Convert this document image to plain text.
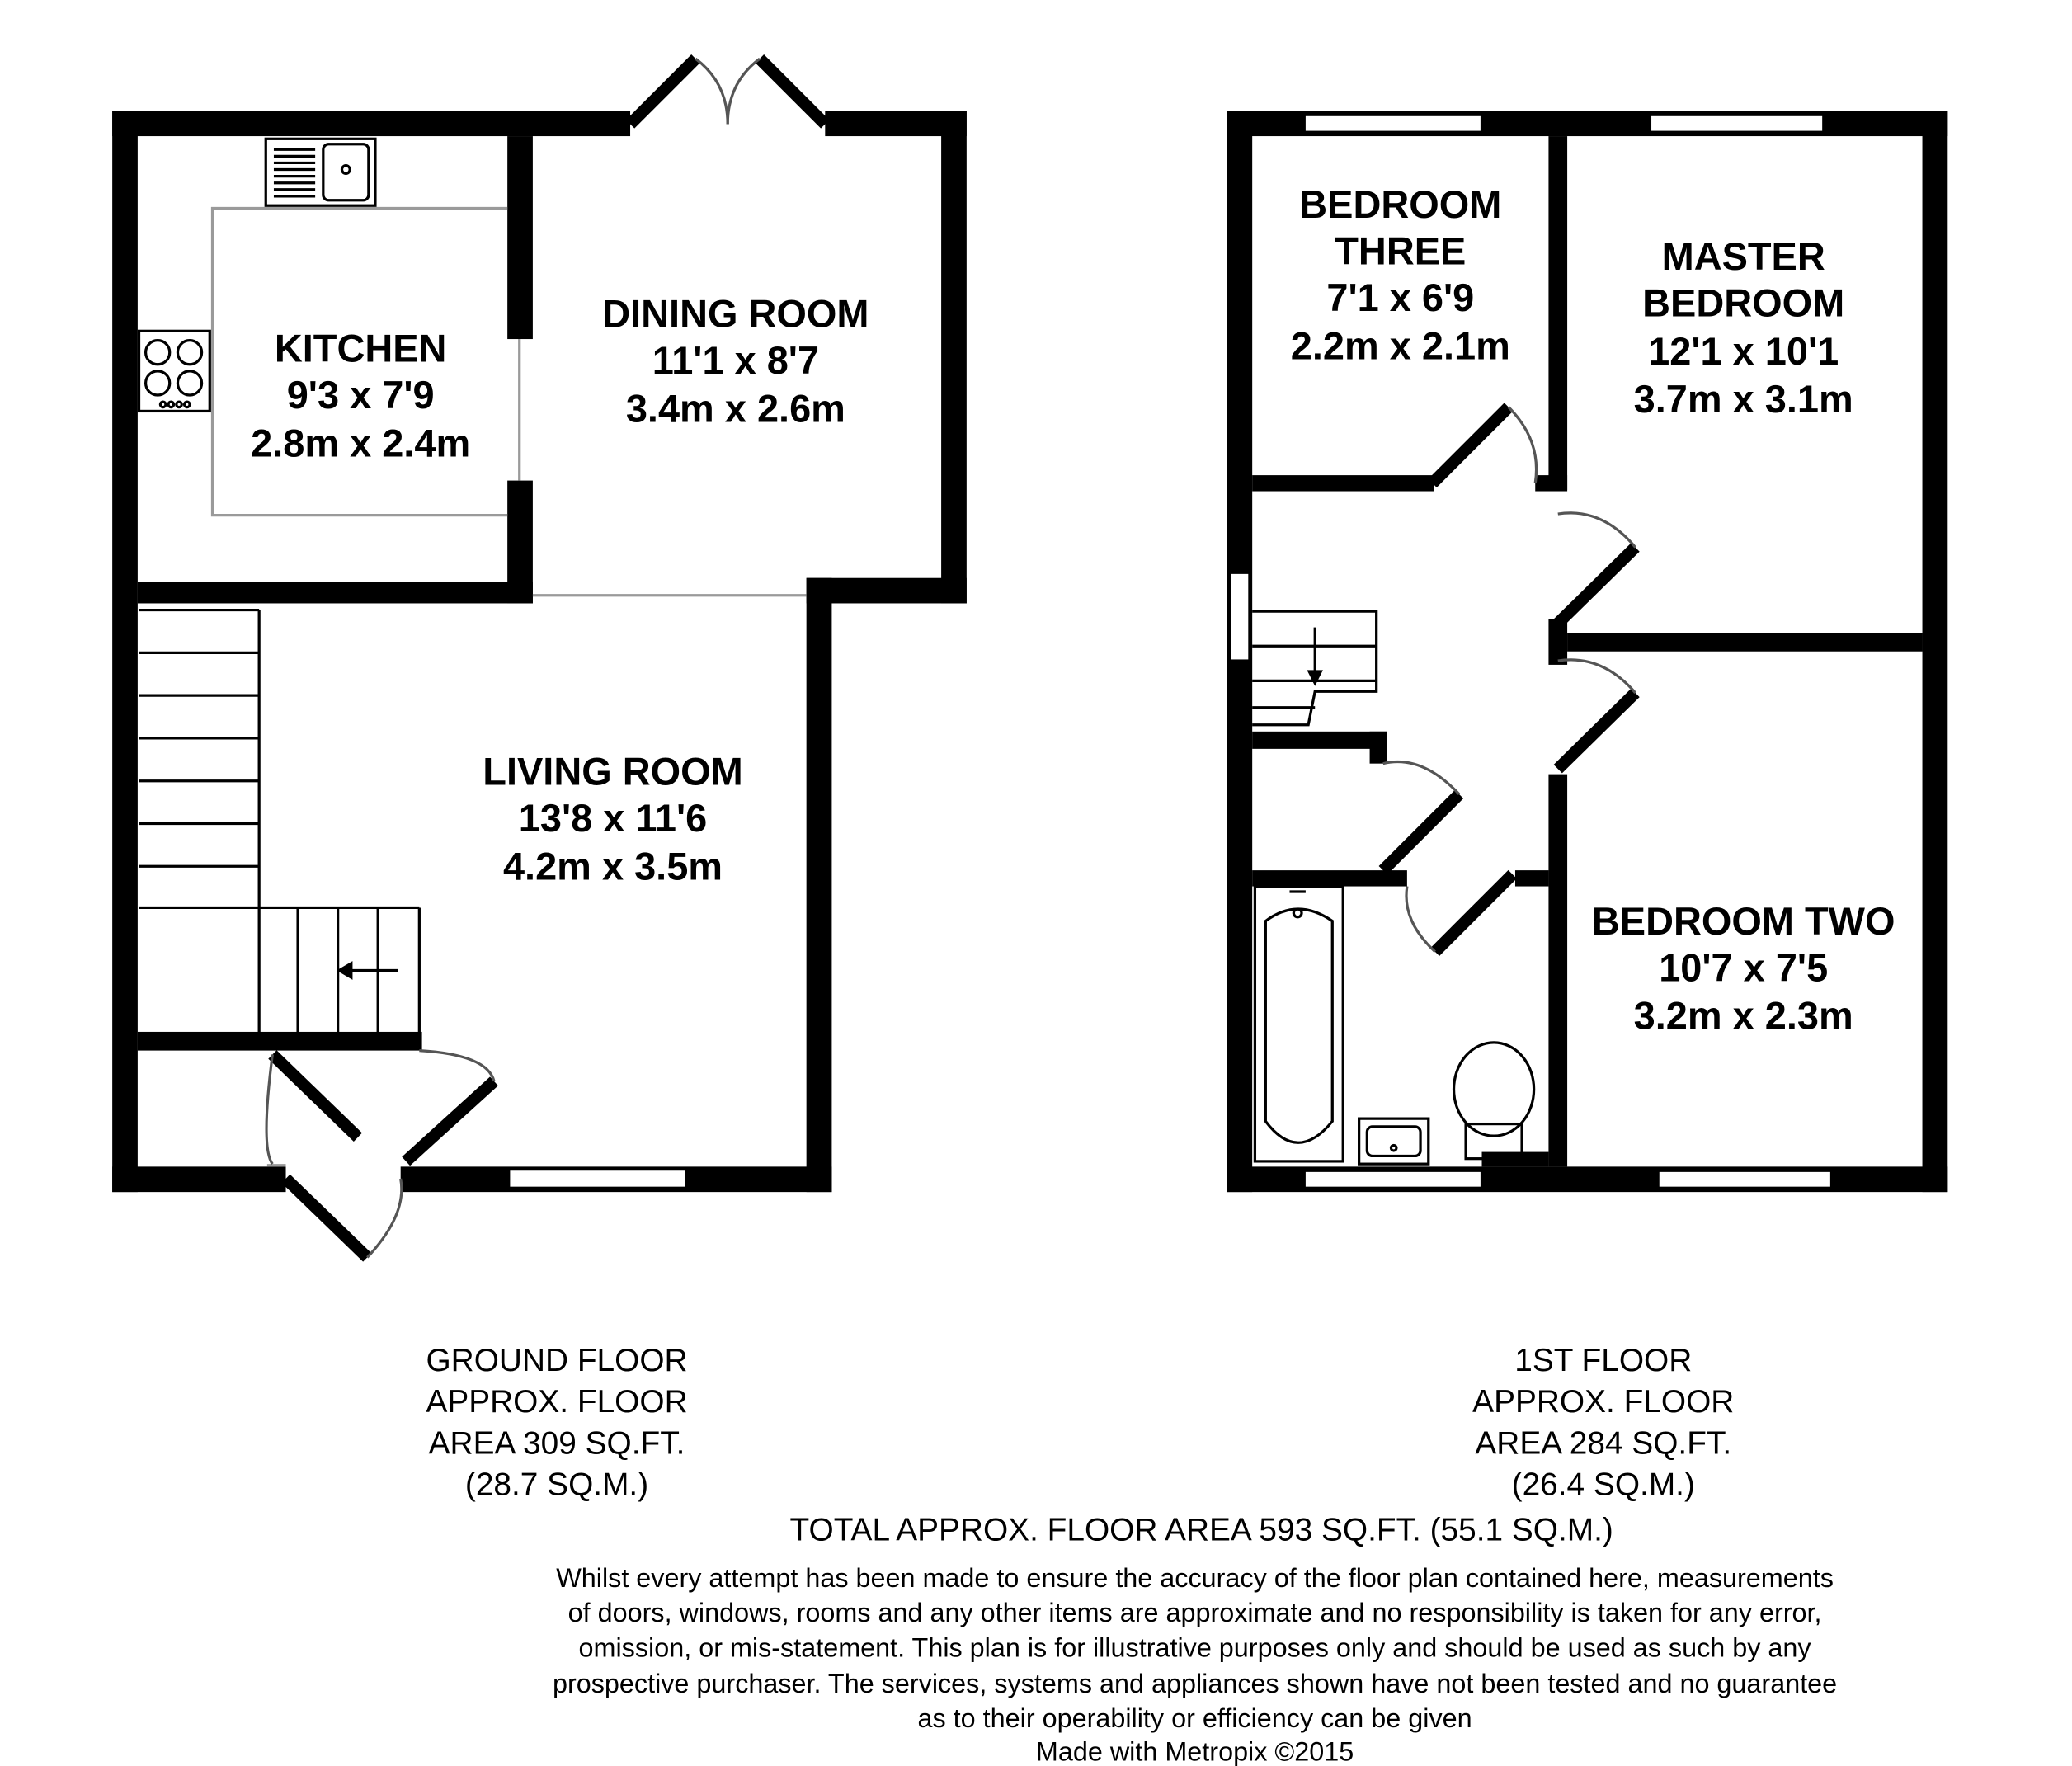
KITCHEN
9'3 x 7'9
2.8m x 2.4m
DINING ROOM
11'1 x 8'7
3.4m x 2.6m
LIVING ROOM
13'8 x 11'6
4.2m x 3.5m
BEDROOM
THREE
7'1 x 6'9
2.2m x 2.1m
MASTER
BEDROOM
12'1 x 10'1
3.7m x 3.1m
BEDROOM TWO
10'7 x 7'5
3.2m x 2.3m
GROUND FLOOR
APPROX. FLOOR
AREA 309 SQ.FT.
(28.7 SQ.M.)
1ST FLOOR
APPROX. FLOOR
AREA 284 SQ.FT.
(26.4 SQ.M.)
TOTAL APPROX. FLOOR AREA 593 SQ.FT. (55.1 SQ.M.)
Whilst every attempt has been made to ensure the accuracy of the floor plan contained here, measurements
of doors, windows, rooms and any other items are approximate and no responsibility is taken for any error,
omission, or mis-statement. This plan is for illustrative purposes only and should be used as such by any
prospective purchaser. The services, systems and appliances shown have not been tested and no guarantee
as to their operability or efficiency can be given
Made with Metropix ©2015
